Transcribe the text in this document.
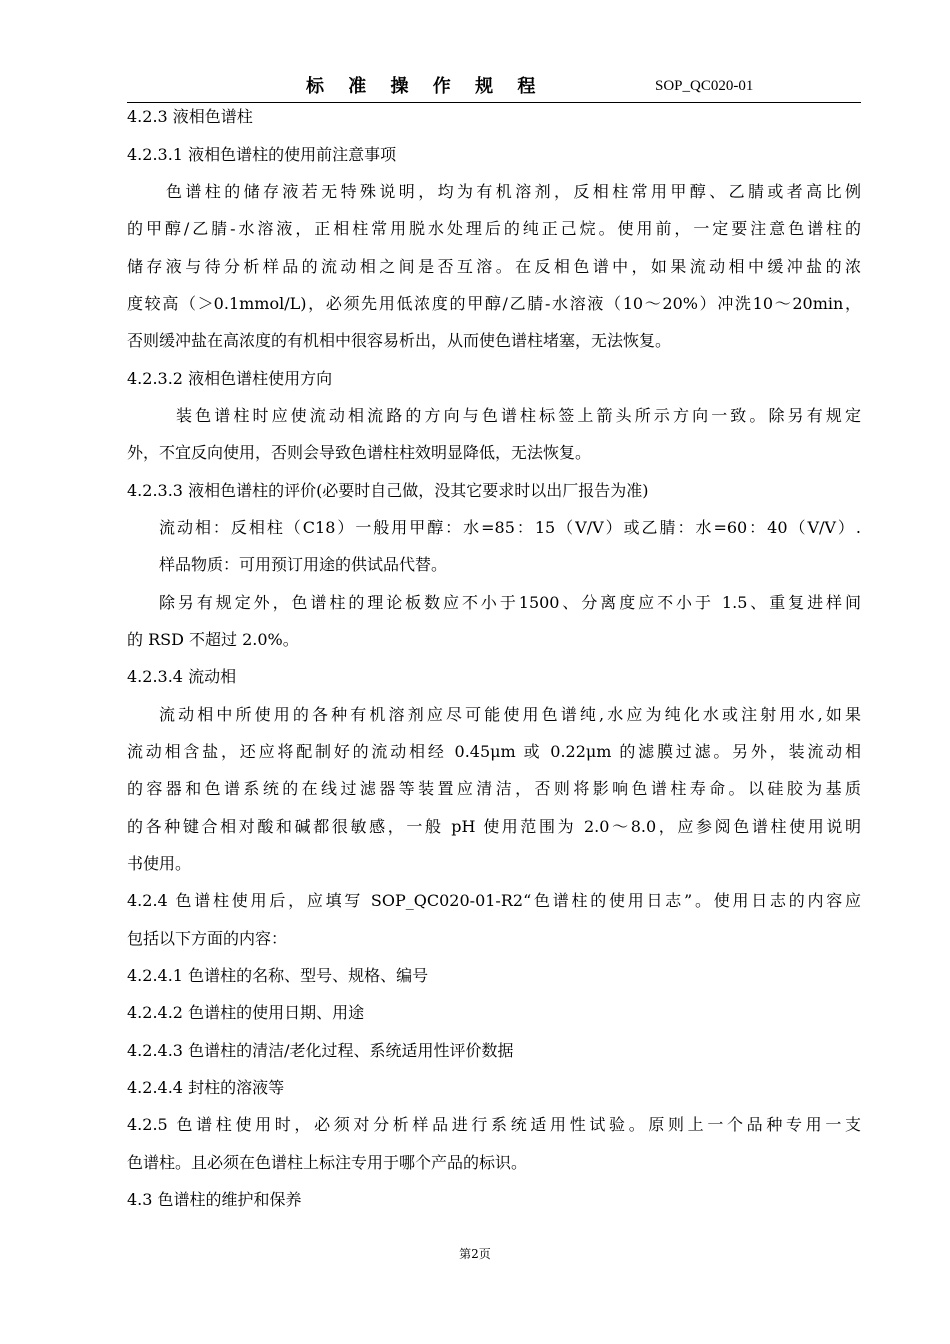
标 准 操 作 规 程	SOP_QC020-01
4.2.3 液相色谱柱
4.2.3.1 液相色谱柱的使用前注意事项
色谱柱的储存液若无特殊说明，均为有机溶剂，反相柱常用甲醇、乙腈或者高比例
的甲醇/乙腈-水溶液，正相柱常用脱水处理后的纯正己烷。使用前，一定要注意色谱柱的
储存液与待分析样品的流动相之间是否互溶。在反相色谱中，如果流动相中缓冲盐的浓
度较高（＞0.1mmol/L)，必须先用低浓度的甲醇/乙腈-水溶液（10～20%）冲洗10～20min，
否则缓冲盐在高浓度的有机相中很容易析出，从而使色谱柱堵塞，无法恢复。
4.2.3.2 液相色谱柱使用方向
装色谱柱时应使流动相流路的方向与色谱柱标签上箭头所示方向一致。除另有规定
外，不宜反向使用，否则会导致色谱柱柱效明显降低，无法恢复。
4.2.3.3 液相色谱柱的评价(必要时自己做，没其它要求时以出厂报告为准)
流动相：反相柱（C18）一般用甲醇：水=85：15（V/V）或乙腈：水=60：40（V/V）.
样品物质：可用预订用途的供试品代替。
除另有规定外，色谱柱的理论板数应不小于1500、分离度应不小于 1.5、重复进样间
的 RSD 不超过 2.0%。
4.2.3.4 流动相
流动相中所使用的各种有机溶剂应尽可能使用色谱纯,水应为纯化水或注射用水,如果
流动相含盐，还应将配制好的流动相经 0.45μm 或 0.22μm 的滤膜过滤。另外，装流动相
的容器和色谱系统的在线过滤器等装置应清洁，否则将影响色谱柱寿命。以硅胶为基质
的各种键合相对酸和碱都很敏感，一般 pH 使用范围为 2.0～8.0，应参阅色谱柱使用说明
书使用。
4.2.4 色谱柱使用后，应填写 SOP_QC020-01-R2“色谱柱的使用日志”。使用日志的内容应
包括以下方面的内容：
4.2.4.1 色谱柱的名称、型号、规格、编号
4.2.4.2 色谱柱的使用日期、用途
4.2.4.3 色谱柱的清洁/老化过程、系统适用性评价数据
4.2.4.4 封柱的溶液等
4.2.5 色谱柱使用时，必须对分析样品进行系统适用性试验。原则上一个品种专用一支
色谱柱。且必须在色谱柱上标注专用于哪个产品的标识。
4.3 色谱柱的维护和保养
第2页
